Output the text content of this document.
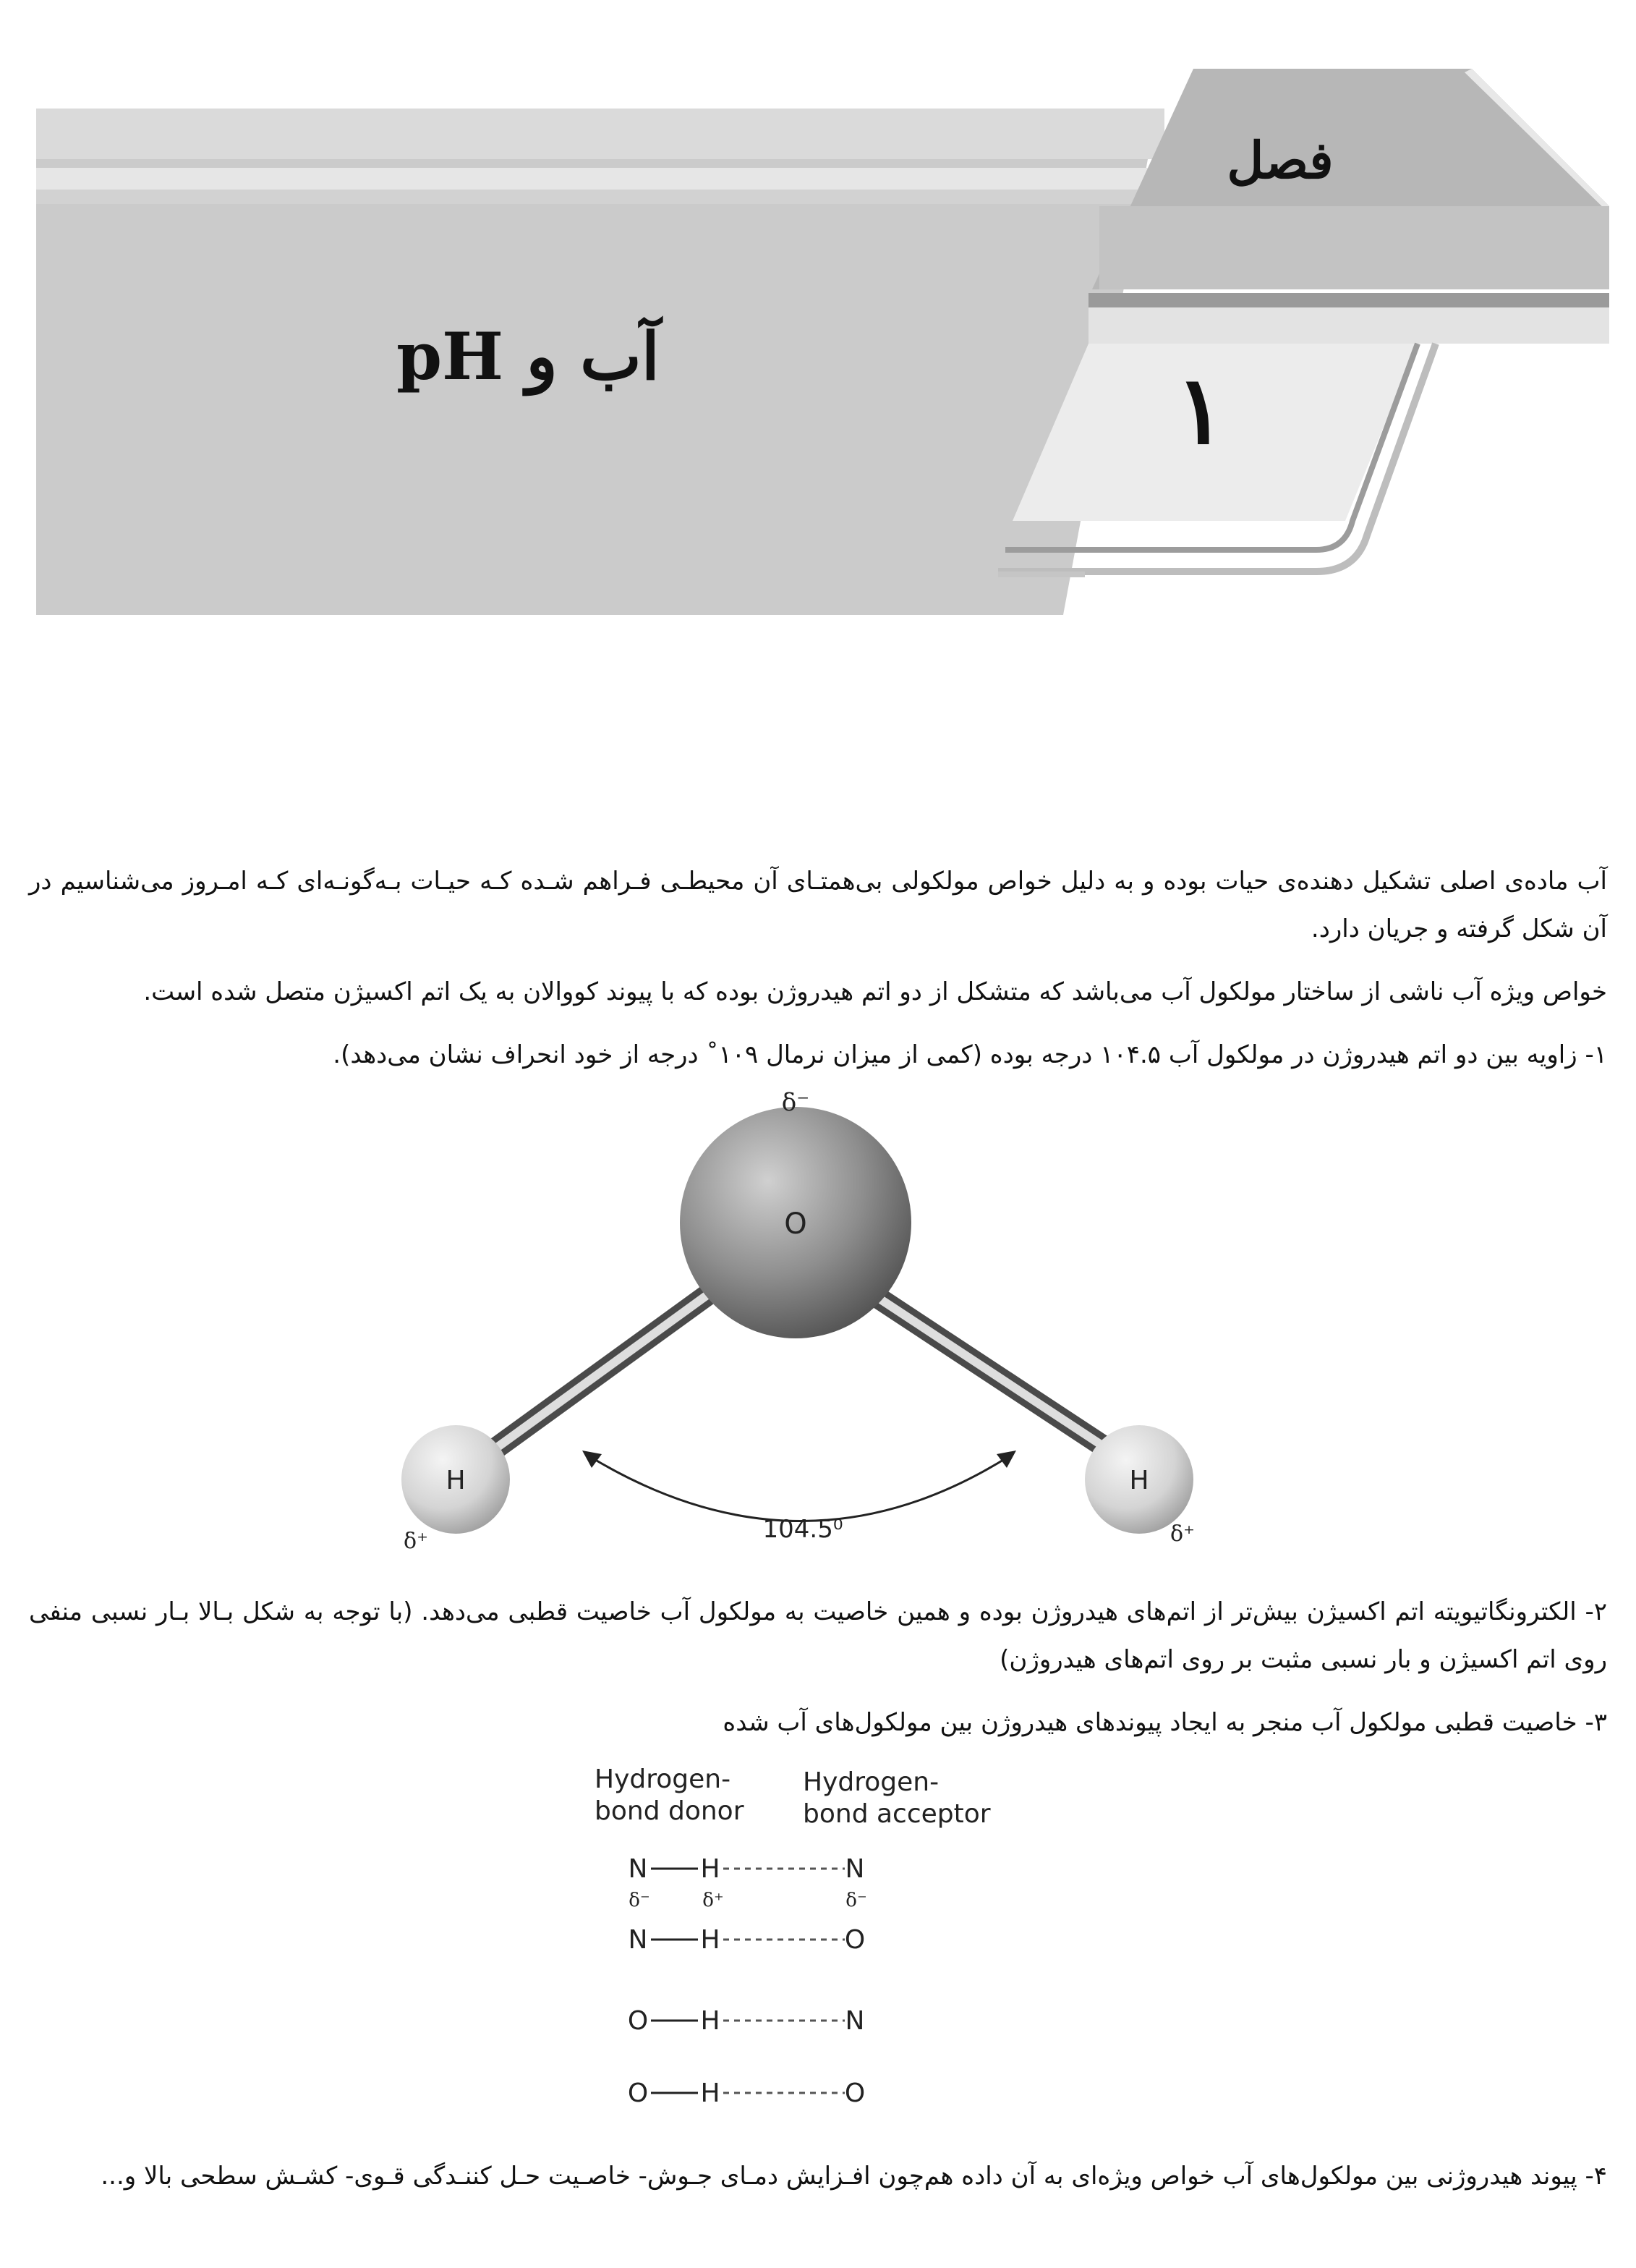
فصل
۱
آب و pH

آب ماده‌ی اصلی تشکیل دهنده‌ی حیات بوده و به دلیل خواص مولکولی بی‌همتـای آن محیطـی فـراهم شـده کـه حیـات بـه‌گونـه‌ای کـه امـروز می‌شناسیم در آن شکل گرفته و جریان دارد.

خواص ویژه آب ناشی از ساختار مولکول آب می‌باشد که متشکل از دو اتم هیدروژن بوده که با پیوند کووالان به یک اتم اکسیژن متصل شده است.

۱- زاویه بین دو اتم هیدروژن در مولکول آب ۱۰۴.۵ درجه بوده (کمی از میزان نرمال ۱۰۹˚ درجه از خود انحراف نشان می‌دهد).

O
δ⁻
H
δ⁺
H
δ⁺
104.5⁰

۲- الکترونگاتیویته اتم اکسیژن بیش‌تر از اتم‌های هیدروژن بوده و همین خاصیت به مولکول آب خاصیت قطبی می‌دهد. (با توجه به شکل بـالا بـار نسبی منفی روی اتم اکسیژن و بار نسبی مثبت بر روی اتم‌های هیدروژن)

۳- خاصیت قطبی مولکول آب منجر به ایجاد پیوندهای هیدروژن بین مولکول‌های آب شده

Hydrogen-
bond donor
Hydrogen-
bond acceptor
N H	N
δ⁻	δ⁺	δ⁻
N H	O
O H	N
O H	O

۴- پیوند هیدروژنی بین مولکول‌های آب خواص ویژه‌ای به آن داده هم‌چون افـزایش دمـای جـوش- خاصـیت حـل کننـدگی قـوی- کشـش سطحی بالا و...
